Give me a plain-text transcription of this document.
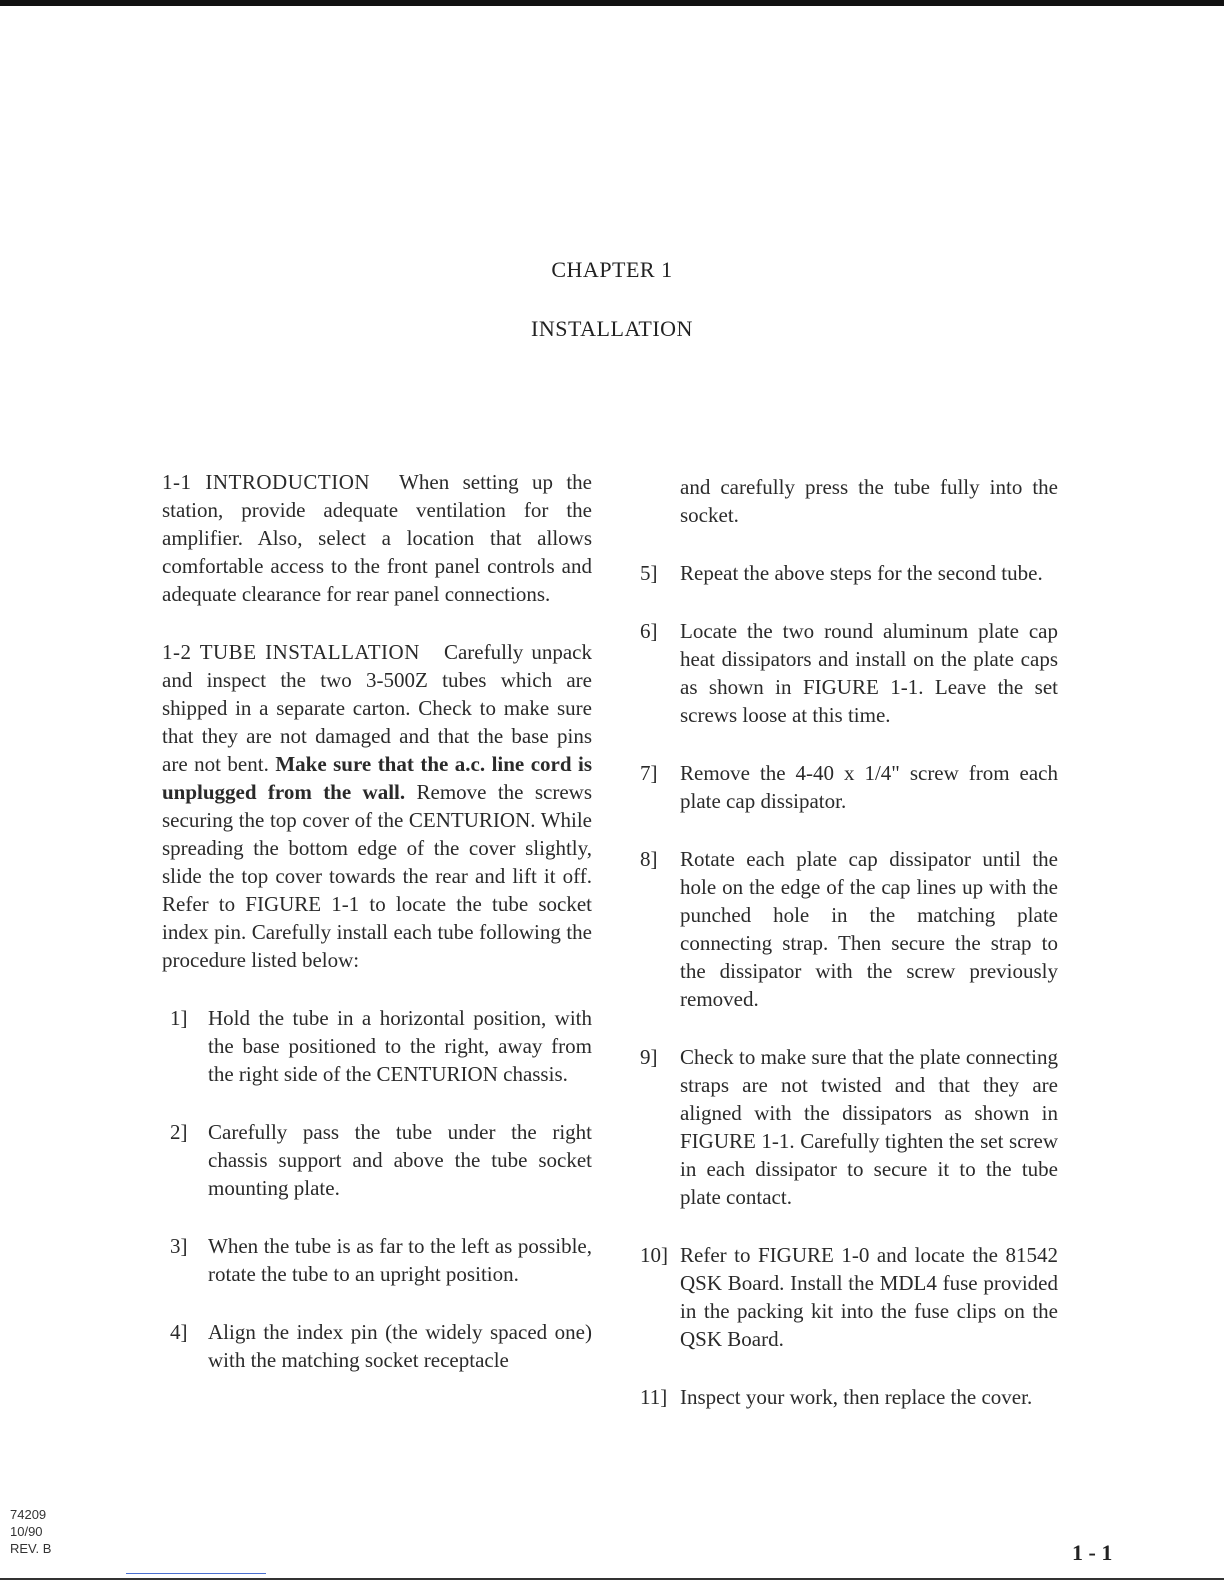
CHAPTER 1
INSTALLATION

1-1 INTRODUCTION When setting up the station, provide adequate ventilation for the amplifier. Also, select a location that allows comfortable access to the front panel controls and adequate clearance for rear panel connections.

1-2 TUBE INSTALLATION Carefully unpack and inspect the two 3-500Z tubes which are shipped in a separate carton. Check to make sure that they are not damaged and that the base pins are not bent. Make sure that the a.c. line cord is unplugged from the wall. Remove the screws securing the top cover of the CENTURION. While spreading the bottom edge of the cover slightly, slide the top cover towards the rear and lift it off. Refer to FIGURE 1-1 to locate the tube socket index pin. Carefully install each tube following the procedure listed below:

1] Hold the tube in a horizontal position, with the base positioned to the right, away from the right side of the CENTURION chassis.
2] Carefully pass the tube under the right chassis support and above the tube socket mounting plate.
3] When the tube is as far to the left as possible, rotate the tube to an upright position.
4] Align the index pin (the widely spaced one) with the matching socket receptacle
and carefully press the tube fully into the socket.
5] Repeat the above steps for the second tube.
6] Locate the two round aluminum plate cap heat dissipators and install on the plate caps as shown in FIGURE 1-1. Leave the set screws loose at this time.
7] Remove the 4-40 x 1/4" screw from each plate cap dissipator.
8] Rotate each plate cap dissipator until the hole on the edge of the cap lines up with the punched hole in the matching plate connecting strap. Then secure the strap to the dissipator with the screw previously removed.
9] Check to make sure that the plate connecting straps are not twisted and that they are aligned with the dissipators as shown in FIGURE 1-1. Carefully tighten the set screw in each dissipator to secure it to the tube plate contact.
10] Refer to FIGURE 1-0 and locate the 81542 QSK Board. Install the MDL4 fuse provided in the packing kit into the fuse clips on the QSK Board.
11] Inspect your work, then replace the cover.
74209
10/90
REV. B	1 - 1
